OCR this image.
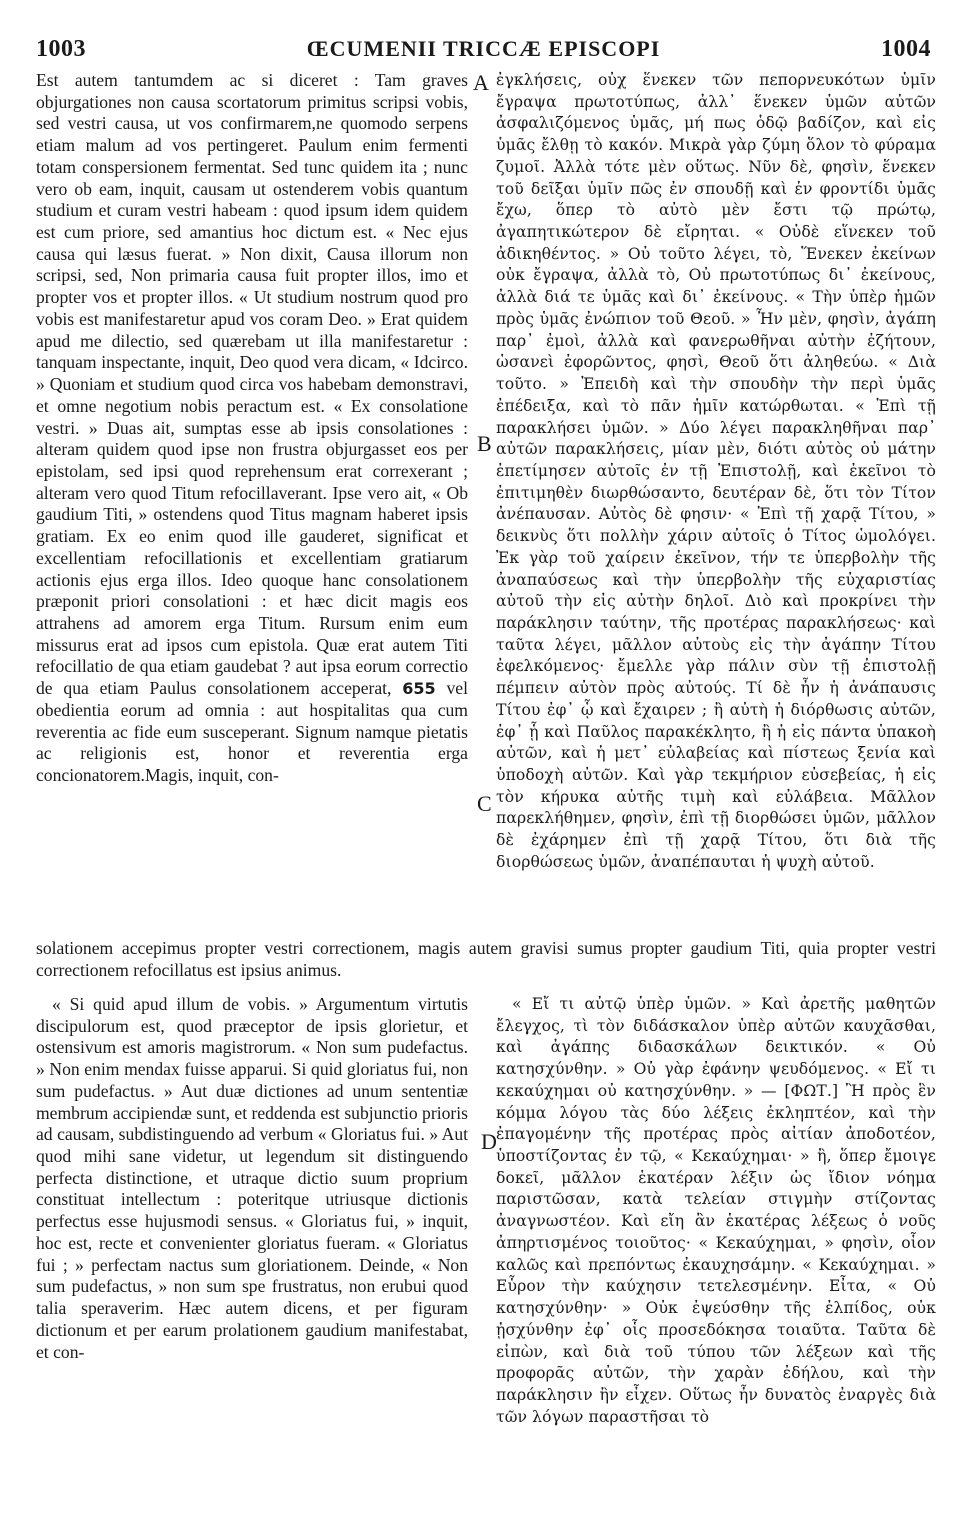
1003	ŒCUMENII TRICCÆ EPISCOPI	1004
A
B
C
D

Est autem tantumdem ac si diceret : Tam graves objurgationes non causa scortatorum primitus scripsi vobis, sed vestri causa, ut vos confirmarem,ne quomodo serpens etiam malum ad vos pertingeret. Paulum enim fermenti totam conspersionem fermentat. Sed tunc quidem ita ; nunc vero ob eam, inquit, causam ut ostenderem vobis quantum studium et curam vestri habeam : quod ipsum idem quidem est cum priore, sed amantius hoc dictum est. « Nec ejus causa qui læsus fuerat. » Non dixit, Causa illorum non scripsi, sed, Non primaria causa fuit propter illos, imo et propter vos et propter illos. « Ut studium nostrum quod pro vobis est manifestaretur apud vos coram Deo. » Erat quidem apud me dilectio, sed quærebam ut illa manifestaretur : tanquam inspectante, inquit, Deo quod vera dicam, « Idcirco. » Quoniam et studium quod circa vos habebam demonstravi, et omne negotium nobis peractum est. « Ex consolatione vestri. » Duas ait, sumptas esse ab ipsis consolationes : alteram quidem quod ipse non frustra objurgasset eos per epistolam, sed ipsi quod reprehensum erat correxerant ; alteram vero quod Titum refocillaverant. Ipse vero ait, « Ob gaudium Titi, » ostendens quod Titus magnam haberet ipsis gratiam. Ex eo enim quod ille gauderet, significat et excellentiam refocillationis et excellentiam gratiarum actionis ejus erga illos. Ideo quoque hanc consolationem præponit priori consolationi : et hæc dicit magis eos attrahens ad amorem erga Titum. Rursum enim eum missurus erat ad ipsos cum epistola. Quæ erat autem Titi refocillatio de qua etiam gaudebat ? aut ipsa eorum correctio de qua etiam Paulus consolationem acceperat, 655 vel obedientia eorum ad omnia : aut hospitalitas qua cum reverentia ac fide eum susceperant. Signum namque pietatis ac religionis est, honor et reverentia erga concionatorem.Magis, inquit, con-

ἐγκλήσεις, οὐχ ἕνεκεν τῶν πεπορνευκότων ὑμῖν ἔγραψα πρωτοτύπως, ἀλλ᾽ ἕνεκεν ὑμῶν αὐτῶν ἀσφαλιζόμενος ὑμᾶς, μή πως ὁδῷ βαδίζον, καὶ εἰς ὑμᾶς ἔλθῃ τὸ κακόν. Μικρὰ γὰρ ζύμη ὅλον τὸ φύραμα ζυμοῖ. Ἀλλὰ τότε μὲν οὕτως. Νῦν δὲ, φησὶν, ἕνεκεν τοῦ δεῖξαι ὑμῖν πῶς ἐν σπουδῇ καὶ ἐν φροντίδι ὑμᾶς ἔχω, ὅπερ τὸ αὐτὸ μὲν ἔστι τῷ πρώτῳ, ἀγαπητικώτερον δὲ εἴρηται. « Οὐδὲ εἵνεκεν τοῦ ἀδικηθέντος. » Οὐ τοῦτο λέγει, τὸ, Ἕνεκεν ἐκείνων οὐκ ἔγραψα, ἀλλὰ τὸ, Οὐ πρωτοτύπως δι᾽ ἐκείνους, ἀλλὰ διά τε ὑμᾶς καὶ δι᾽ ἐκείνους. « Τὴν ὑπὲρ ἡμῶν πρὸς ὑμᾶς ἐνώπιον τοῦ Θεοῦ. » Ἦν μὲν, φησὶν, ἀγάπη παρ᾽ ἐμοὶ, ἀλλὰ καὶ φανερωθῆναι αὐτὴν ἐζήτουν, ὡσανεὶ ἐφορῶντος, φησὶ, Θεοῦ ὅτι ἀληθεύω. « Διὰ τοῦτο. » Ἐπειδὴ καὶ τὴν σπουδὴν τὴν περὶ ὑμᾶς ἐπέδειξα, καὶ τὸ πᾶν ἡμῖν κατώρθωται. « Ἐπὶ τῇ παρακλήσει ὑμῶν. » Δύο λέγει παρακληθῆναι παρ᾽ αὐτῶν παρακλήσεις, μίαν μὲν, διότι αὐτὸς οὐ μάτην ἐπετίμησεν αὐτοῖς ἐν τῇ Ἐπιστολῇ, καὶ ἐκεῖνοι τὸ ἐπιτιμηθὲν διωρθώσαντο, δευτέραν δὲ, ὅτι τὸν Τίτον ἀνέπαυσαν. Αὐτὸς δὲ φησιν· « Ἐπὶ τῇ χαρᾷ Τίτου, » δεικνὺς ὅτι πολλὴν χάριν αὐτοῖς ὁ Τίτος ὡμολόγει. Ἐκ γὰρ τοῦ χαίρειν ἐκεῖνον, τήν τε ὑπερβολὴν τῆς ἀναπαύσεως καὶ τὴν ὑπερβολὴν τῆς εὐχαριστίας αὐτοῦ τὴν εἰς αὐτὴν δηλοῖ. Διὸ καὶ προκρίνει τὴν παράκλησιν ταύτην, τῆς προτέρας παρακλήσεως· καὶ ταῦτα λέγει, μᾶλλον αὐτοὺς εἰς τὴν ἀγάπην Τίτου ἐφελκόμενος· ἔμελλε γὰρ πάλιν σὺν τῇ ἐπιστολῇ πέμπειν αὐτὸν πρὸς αὐτούς. Τί δὲ ἦν ἡ ἀνάπαυσις Τίτου ἐφ᾽ ᾧ καὶ ἔχαιρεν ; ἢ αὐτὴ ἡ διόρθωσις αὐτῶν, ἐφ᾽ ᾗ καὶ Παῦλος παρακέκλητο, ἢ ἡ εἰς πάντα ὑπακοὴ αὐτῶν, καὶ ἡ μετ᾽ εὐλαβείας καὶ πίστεως ξενία καὶ ὑποδοχὴ αὐτῶν. Καὶ γὰρ τεκμήριον εὐσεβείας, ἡ εἰς τὸν κήρυκα αὐτῆς τιμὴ καὶ εὐλάβεια. Μᾶλλον παρεκλήθημεν, φησὶν, ἐπὶ τῇ διορθώσει ὑμῶν, μᾶλλον δὲ ἐχάρημεν ἐπὶ τῇ χαρᾷ Τίτου, ὅτι διὰ τῆς διορθώσεως ὑμῶν, ἀναπέπαυται ἡ ψυχὴ αὐτοῦ.

solationem accepimus propter vestri correctionem, magis autem gravisi sumus propter gaudium Titi, quia propter vestri correctionem refocillatus est ipsius animus.

« Si quid apud illum de vobis. » Argumentum virtutis discipulorum est, quod præceptor de ipsis glorietur, et ostensivum est amoris magistrorum. « Non sum pudefactus. » Non enim mendax fuisse apparui. Si quid gloriatus fui, non sum pudefactus. » Aut duæ dictiones ad unum sententiæ membrum accipiendæ sunt, et reddenda est subjunctio prioris ad causam, subdistinguendo ad verbum « Gloriatus fui. » Aut quod mihi sane videtur, ut legendum sit distinguendo perfecta distinctione, et utraque dictio suum proprium constituat intellectum : poteritque utriusque dictionis perfectus esse hujusmodi sensus. « Gloriatus fui, » inquit, hoc est, recte et convenienter gloriatus fueram. « Gloriatus fui ; » perfectam nactus sum gloriationem. Deinde, « Non sum pudefactus, » non sum spe frustratus, non erubui quod talia speraverim. Hæc autem dicens, et per figuram dictionum et per earum prolationem gaudium manifestabat, et con-

« Εἴ τι αὐτῷ ὑπὲρ ὑμῶν. » Καὶ ἀρετῆς μαθητῶν ἔλεγχος, τὶ τὸν διδάσκαλον ὑπὲρ αὐτῶν καυχᾶσθαι, καὶ ἀγάπης διδασκάλων δεικτικόν. « Οὐ κατησχύνθην. » Οὐ γὰρ ἐφάνην ψευδόμενος. « Εἴ τι κεκαύχημαι οὐ κατησχύνθην. » — [ΦΩΤ.] Ἢ πρὸς ἓν κόμμα λόγου τὰς δύο λέξεις ἐκληπτέον, καὶ τὴν ἐπαγομένην τῆς προτέρας πρὸς αἰτίαν ἀποδοτέον, ὑποστίζοντας ἐν τῷ, « Κεκαύχημαι· » ἢ, ὅπερ ἔμοιγε δοκεῖ, μᾶλλον ἑκατέραν λέξιν ὡς ἴδιον νόημα παριστῶσαν, κατὰ τελείαν στιγμὴν στίζοντας ἀναγνωστέον. Καὶ εἴη ἂν ἑκατέρας λέξεως ὁ νοῦς ἀπηρτισμένος τοιοῦτος· « Κεκαύχημαι, » φησὶν, οἷον καλῶς καὶ πρεπόντως ἐκαυχησάμην. « Κεκαύχημαι. » Εὗρον τὴν καύχησιν τετελεσμένην. Εἶτα, « Οὐ κατησχύνθην· » Οὐκ ἐψεύσθην τῆς ἐλπίδος, οὐκ ᾐσχύνθην ἐφ᾽ οἷς προσεδόκησα τοιαῦτα. Ταῦτα δὲ εἰπὼν, καὶ διὰ τοῦ τύπου τῶν λέξεων καὶ τῆς προφορᾶς αὐτῶν, τὴν χαρὰν ἐδήλου, καὶ τὴν παράκλησιν ἣν εἶχεν. Οὕτως ἦν δυνατὸς ἐναργὲς διὰ τῶν λόγων παραστῆσαι τὸ
